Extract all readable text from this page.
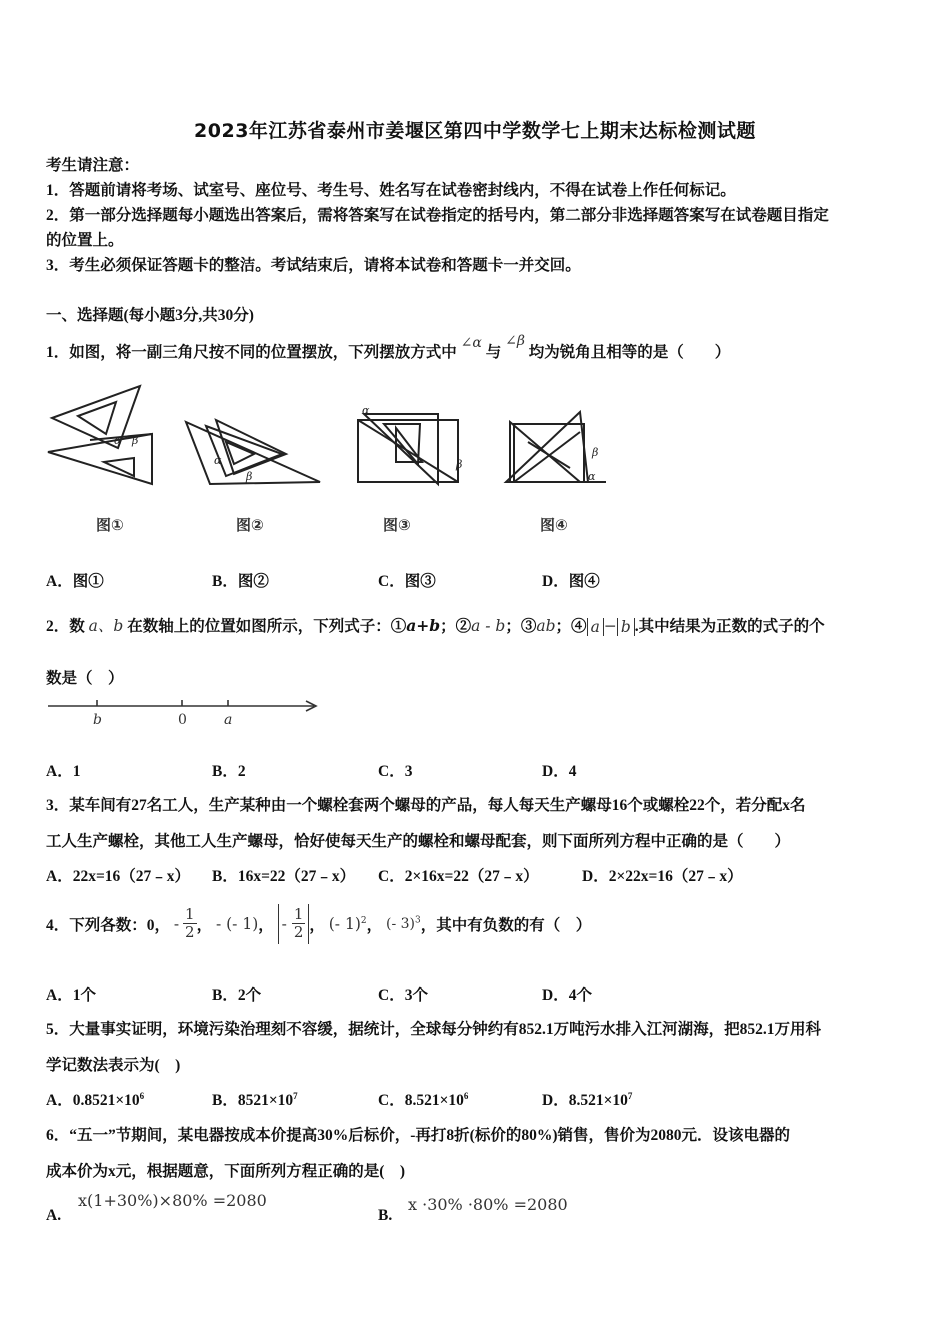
2023年江苏省泰州市姜堰区第四中学数学七上期末达标检测试题
考生请注意：
1．答题前请将考场、试室号、座位号、考生号、姓名写在试卷密封线内，不得在试卷上作任何标记。
2．第一部分选择题每小题选出答案后，需将答案写在试卷指定的括号内，第二部分非选择题答案写在试卷题目指定
的位置上。
3．考生必须保证答题卡的整洁。考试结束后，请将本试卷和答题卡一并交回。
一、选择题(每小题3分,共30分)
1．如图，将一副三角尺按不同的位置摆放，下列摆放方式中 ∠α 与 ∠β 均为锐角且相等的是（　　）
α β
α
β
α
β
β
α
图①	图②	图③	图④
A．图①	B．图②	C．图③	D．图④
2．数 a、b 在数轴上的位置如图所示，下列式子：①a+b；②a - b；③ab；④ a − b .其中结果为正数的式子的个
数是（　）
b	0	a
A．1	B．2	C．3	D．4
3．某车间有27名工人，生产某种由一个螺栓套两个螺母的产品，每人每天生产螺母16个或螺栓22个，若分配x名
工人生产螺栓，其他工人生产螺母，恰好使每天生产的螺栓和螺母配套，则下面所列方程中正确的是（　　）
A．22x=16（27﹣x） B．16x=22（27﹣x） C．2×16x=22（27﹣x）	D．2×22x=16（27﹣x）
4．下列各数：0， - $\frac{1}{2}$ ， - (- 1)， - $\frac{1}{2}$ ， (- 1)$^2$， (- 3)$^3$，其中有负数的有（　）
A．1个	B．2个	C．3个	D．4个
5．大量事实证明，环境污染治理刻不容缓，据统计，全球每分钟约有852.1万吨污水排入江河湖海，把852.1万用科
学记数法表示为(　)
A．$0.8521\times 10^6$	B．$8521\times 10^7$	C．$8.521\times 10^6$	D．$8.521\times 10^7$
6．“五一”节期间，某电器按成本价提高30%后标价，-再打8折(标价的80%)销售，售价为2080元．设该电器的
成本价为x元，根据题意，下面所列方程正确的是(　)
A.
x(1+30%)×80% =2080
B.
x ·30% ·80% =2080
